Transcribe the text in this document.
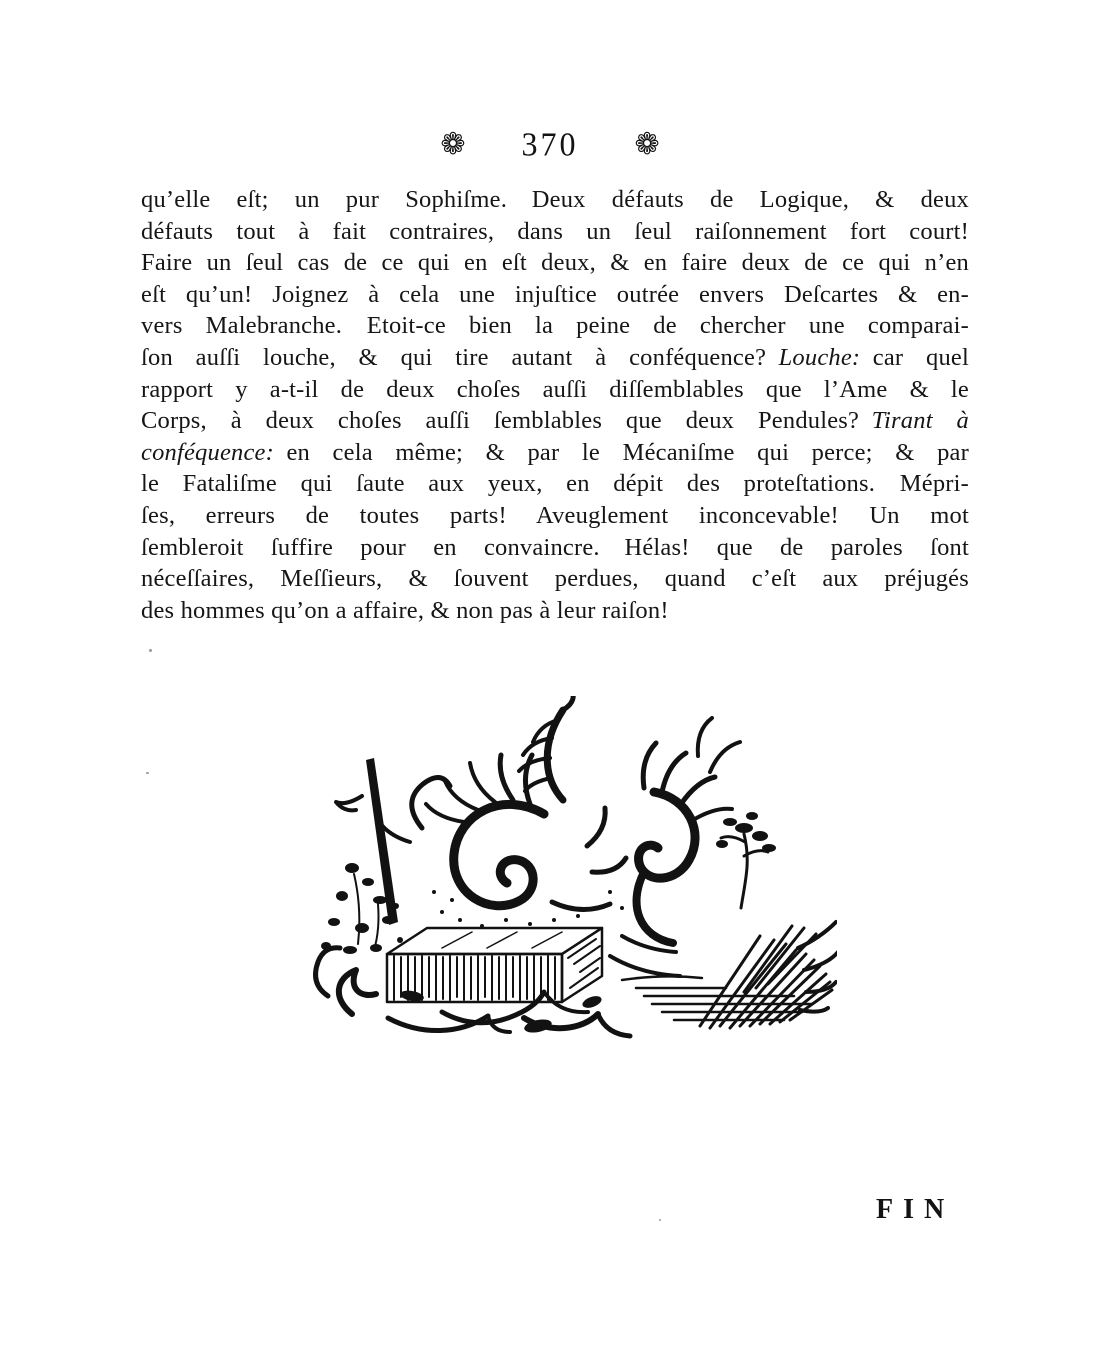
❁ 370 ❁
qu’elle eſt; un pur Sophiſme. Deux défauts de Logique, & deux
défauts tout à fait contraires, dans un ſeul raiſonnement fort court!
Faire un ſeul cas de ce qui en eſt deux, & en faire deux de ce qui n’en
eſt qu’un! Joignez à cela une injuſtice outrée envers Deſcartes & en-
vers Malebranche. Etoit-ce bien la peine de chercher une comparai-
ſon auſſi louche, & qui tire autant à conféquence? Louche: car quel
rapport y a-t-il de deux choſes auſſi diſſemblables que l’Ame & le
Corps, à deux choſes auſſi ſemblables que deux Pendules? Tirant à
conféquence: en cela même; & par le Mécaniſme qui perce; & par
le Fataliſme qui ſaute aux yeux, en dépit des proteſtations. Mépri-
ſes, erreurs de toutes parts! Aveuglement inconcevable! Un mot
ſembleroit ſuffire pour en convaincre. Hélas! que de paroles ſont
néceſſaires, Meſſieurs, & ſouvent perdues, quand c’eſt aux préjugés
des hommes qu’on a affaire, & non pas à leur raiſon!
FIN
